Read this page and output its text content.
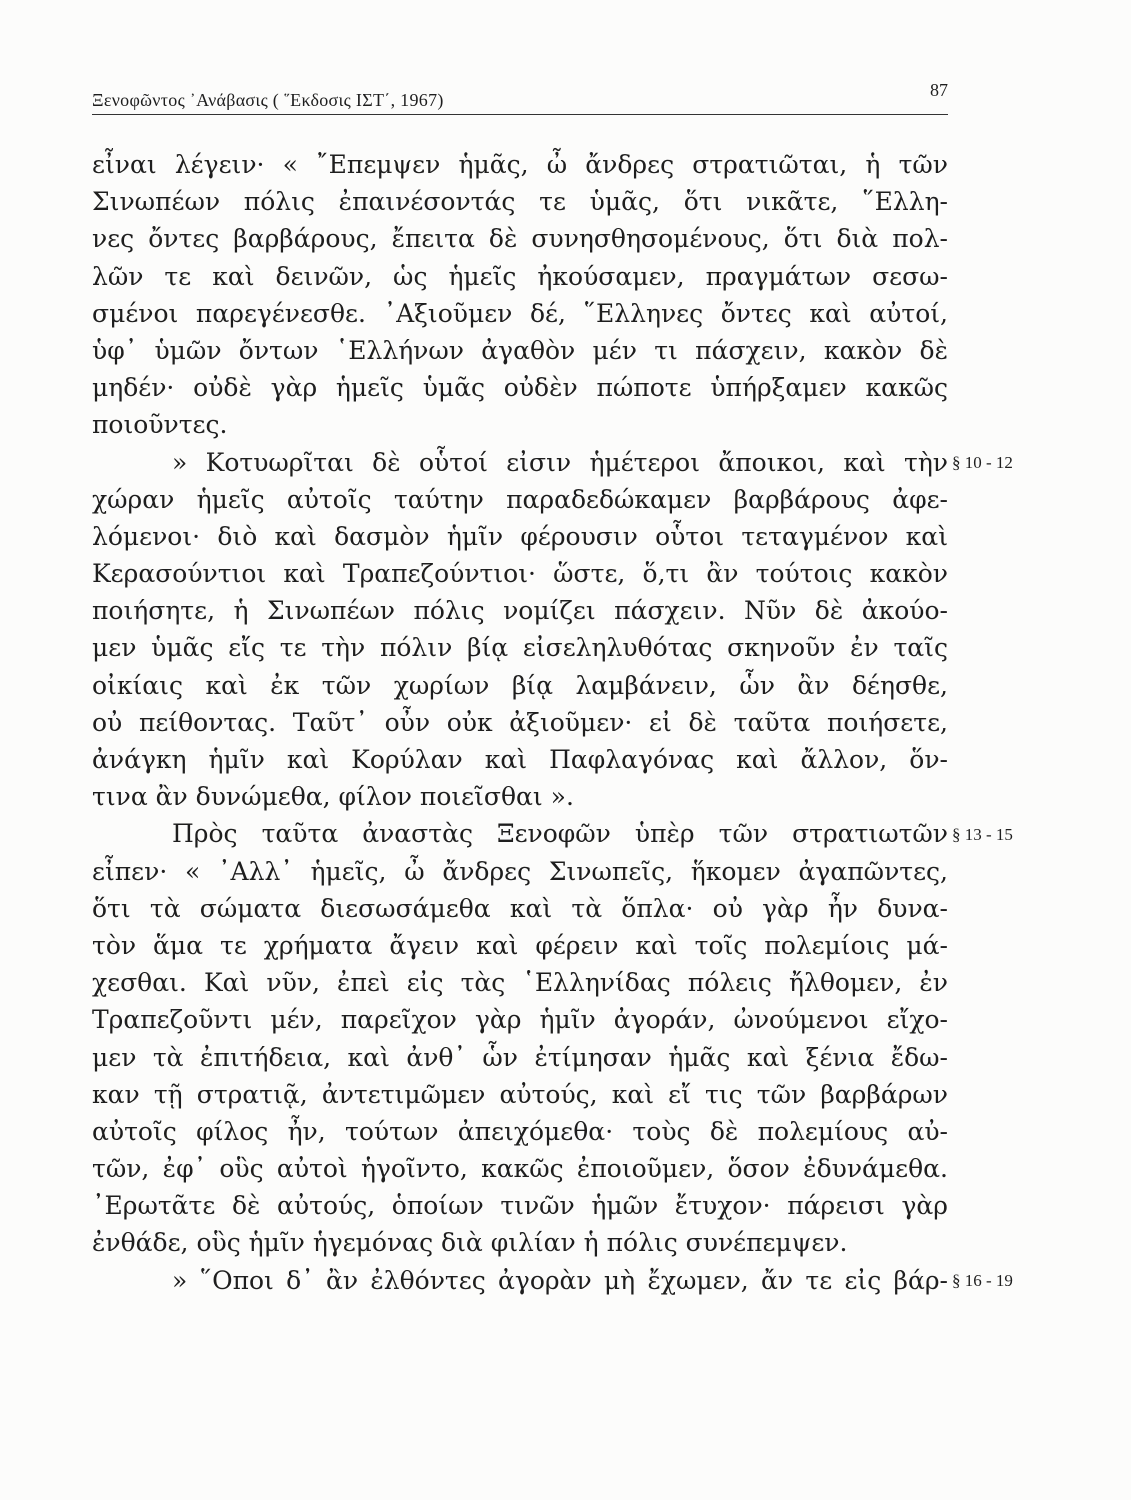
Ξενοφῶντος ᾿Ανάβασις ( ῞Εκδοσις ΙΣΤ΄, 1967)	87
εἶναι λέγειν· « ῎Επεμψεν ἡμᾶς, ὦ ἄνδρες στρατιῶται, ἡ τῶν
Σινωπέων πόλις ἐπαινέσοντάς τε ὑμᾶς, ὅτι νικᾶτε, ῞Ελλη-
νες ὄντες βαρβάρους, ἔπειτα δὲ συνησθησομένους, ὅτι διὰ πολ-
λῶν τε καὶ δεινῶν, ὡς ἡμεῖς ἠκούσαμεν, πραγμάτων σεσω-
σμένοι παρεγένεσθε. ᾿Αξιοῦμεν δέ, ῞Ελληνες ὄντες καὶ αὐτοί,
ὑφ᾿ ὑμῶν ὄντων ῾Ελλήνων ἀγαθὸν μέν τι πάσχειν, κακὸν δὲ
μηδέν· οὐδὲ γὰρ ἡμεῖς ὑμᾶς οὐδὲν πώποτε ὑπήρξαμεν κακῶς
ποιοῦντες.
» Κοτυωρῖται δὲ οὗτοί εἰσιν ἡμέτεροι ἄποικοι, καὶ τὴν
χώραν ἡμεῖς αὐτοῖς ταύτην παραδεδώκαμεν βαρβάρους ἀφε-
λόμενοι· διὸ καὶ δασμὸν ἡμῖν φέρουσιν οὗτοι τεταγμένον καὶ
Κερασούντιοι καὶ Τραπεζούντιοι· ὥστε, ὅ,τι ἂν τούτοις κακὸν
ποιήσητε, ἡ Σινωπέων πόλις νομίζει πάσχειν. Νῦν δὲ ἀκούο-
μεν ὑμᾶς εἴς τε τὴν πόλιν βίᾳ εἰσεληλυθότας σκηνοῦν ἐν ταῖς
οἰκίαις καὶ ἐκ τῶν χωρίων βίᾳ λαμβάνειν, ὧν ἂν δέησθε,
οὐ πείθοντας. Ταῦτ᾿ οὖν οὐκ ἀξιοῦμεν· εἰ δὲ ταῦτα ποιήσετε,
ἀνάγκη ἡμῖν καὶ Κορύλαν καὶ Παφλαγόνας καὶ ἄλλον, ὅν-
τινα ἂν δυνώμεθα, φίλον ποιεῖσθαι ».
Πρὸς ταῦτα ἀναστὰς Ξενοφῶν ὑπὲρ τῶν στρατιωτῶν
εἶπεν· « ᾿Αλλ᾿ ἡμεῖς, ὦ ἄνδρες Σινωπεῖς, ἥκομεν ἀγαπῶντες,
ὅτι τὰ σώματα διεσωσάμεθα καὶ τὰ ὅπλα· οὐ γὰρ ἦν δυνα-
τὸν ἅμα τε χρήματα ἄγειν καὶ φέρειν καὶ τοῖς πολεμίοις μά-
χεσθαι. Καὶ νῦν, ἐπεὶ εἰς τὰς ῾Ελληνίδας πόλεις ἤλθομεν, ἐν
Τραπεζοῦντι μέν, παρεῖχον γὰρ ἡμῖν ἀγοράν, ὠνούμενοι εἴχο-
μεν τὰ ἐπιτήδεια, καὶ ἀνθ᾿ ὧν ἐτίμησαν ἡμᾶς καὶ ξένια ἔδω-
καν τῇ στρατιᾷ, ἀντετιμῶμεν αὐτούς, καὶ εἴ τις τῶν βαρβάρων
αὐτοῖς φίλος ἦν, τούτων ἀπειχόμεθα· τοὺς δὲ πολεμίους αὐ-
τῶν, ἐφ᾿ οὓς αὐτοὶ ἡγοῖντο, κακῶς ἐποιοῦμεν, ὅσον ἐδυνάμεθα.
᾿Ερωτᾶτε δὲ αὐτούς, ὁποίων τινῶν ἡμῶν ἔτυχον· πάρεισι γὰρ
ἐνθάδε, οὓς ἡμῖν ἡγεμόνας διὰ φιλίαν ἡ πόλις συνέπεμψεν.
» ῞Οποι δ᾿ ἂν ἐλθόντες ἀγορὰν μὴ ἔχωμεν, ἄν τε εἰς βάρ-
§ 10 - 12
§ 13 - 15
§ 16 - 19
